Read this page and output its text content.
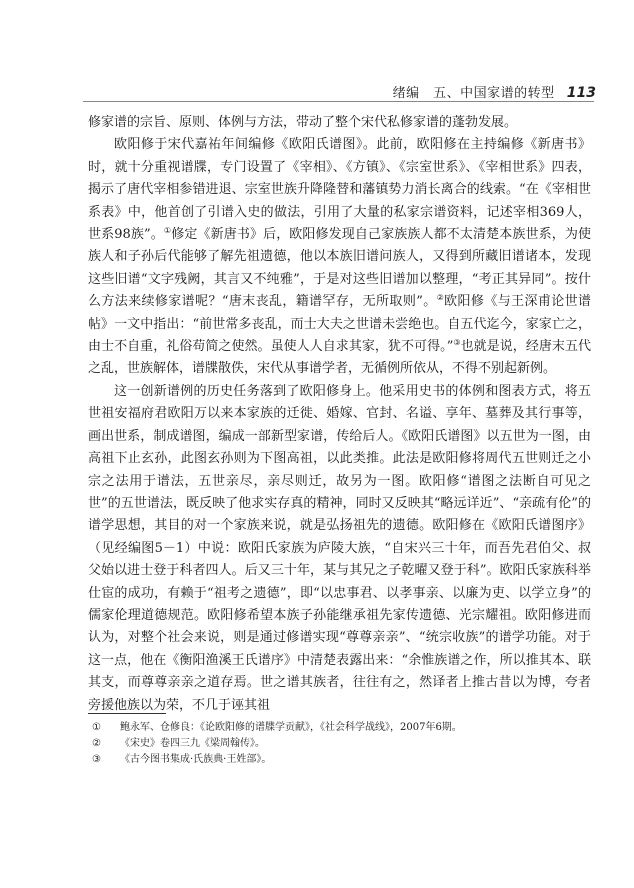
绪编　五、中国家谱的转型 113

修家谱的宗旨、原则、体例与方法，带动了整个宋代私修家谱的蓬勃发展。

欧阳修于宋代嘉祐年间编修《欧阳氏谱图》。此前，欧阳修在主持编修《新唐书》时，就十分重视谱牒，专门设置了《宰相》、《方镇》、《宗室世系》、《宰相世系》四表，揭示了唐代宰相参错进退、宗室世族升降隆替和藩镇势力消长离合的线索。“在《宰相世系表》中，他首创了引谱入史的做法，引用了大量的私家宗谱资料，记述宰相369人，世系98族”。①修定《新唐书》后，欧阳修发现自己家族族人都不太清楚本族世系，为使族人和子孙后代能够了解先祖遗德，他以本族旧谱问族人，又得到所藏旧谱诸本，发现这些旧谱“文字残阙，其言又不纯雅”，于是对这些旧谱加以整理，“考正其异同”。按什么方法来续修家谱呢？“唐末丧乱，籍谱罕存，无所取则”。②欧阳修《与王深甫论世谱帖》一文中指出：“前世常多丧乱，而士大夫之世谱未尝绝也。自五代迄今，家家亡之，由士不自重，礼俗苟简之使然。虽使人人自求其家，犹不可得。”③也就是说，经唐末五代之乱，世族解体，谱牒散佚，宋代从事谱学者，无循例所依从，不得不别起新例。

这一创新谱例的历史任务落到了欧阳修身上。他采用史书的体例和图表方式，将五世祖安福府君欧阳万以来本家族的迁徙、婚嫁、官封、名谥、享年、墓葬及其行事等，画出世系，制成谱图，编成一部新型家谱，传给后人。《欧阳氏谱图》以五世为一图，由高祖下止玄孙，此图玄孙则为下图高祖，以此类推。此法是欧阳修将周代五世则迁之小宗之法用于谱法，五世亲尽，亲尽则迁，故另为一图。欧阳修“谱图之法断自可见之世”的五世谱法，既反映了他求实存真的精神，同时又反映其“略远详近”、“亲疏有伦”的谱学思想，其目的对一个家族来说，就是弘扬祖先的遗德。欧阳修在《欧阳氏谱图序》（见经编图5－1）中说：欧阳氏家族为庐陵大族，“自宋兴三十年，而吾先君伯父、叔父始以进士登于科者四人。后又三十年，某与其兄之子乾曜又登于科”。欧阳氏家族科举仕宦的成功，有赖于“祖考之遗德”，即“以忠事君、以孝事亲、以廉为吏、以学立身”的儒家伦理道德规范。欧阳修希望本族子孙能继承祖先家传遗德、光宗耀祖。欧阳修进而认为，对整个社会来说，则是通过修谱实现“尊尊亲亲”、“统宗收族”的谱学功能。对于这一点，他在《衡阳渔溪王氏谱序》中清楚表露出来：“余惟族谱之作，所以推其本、联其支，而尊尊亲亲之道存焉。世之谱其族者，往往有之，然译者上推古昔以为博，夸者旁援他族以为荣，不几于诬其祖

① 鲍永军、仓修良：《论欧阳修的谱牒学贡献》，《社会科学战线》，2007年6期。
② 《宋史》卷四三九《梁周翰传》。
③ 《古今图书集成·氏族典·王姓部》。
